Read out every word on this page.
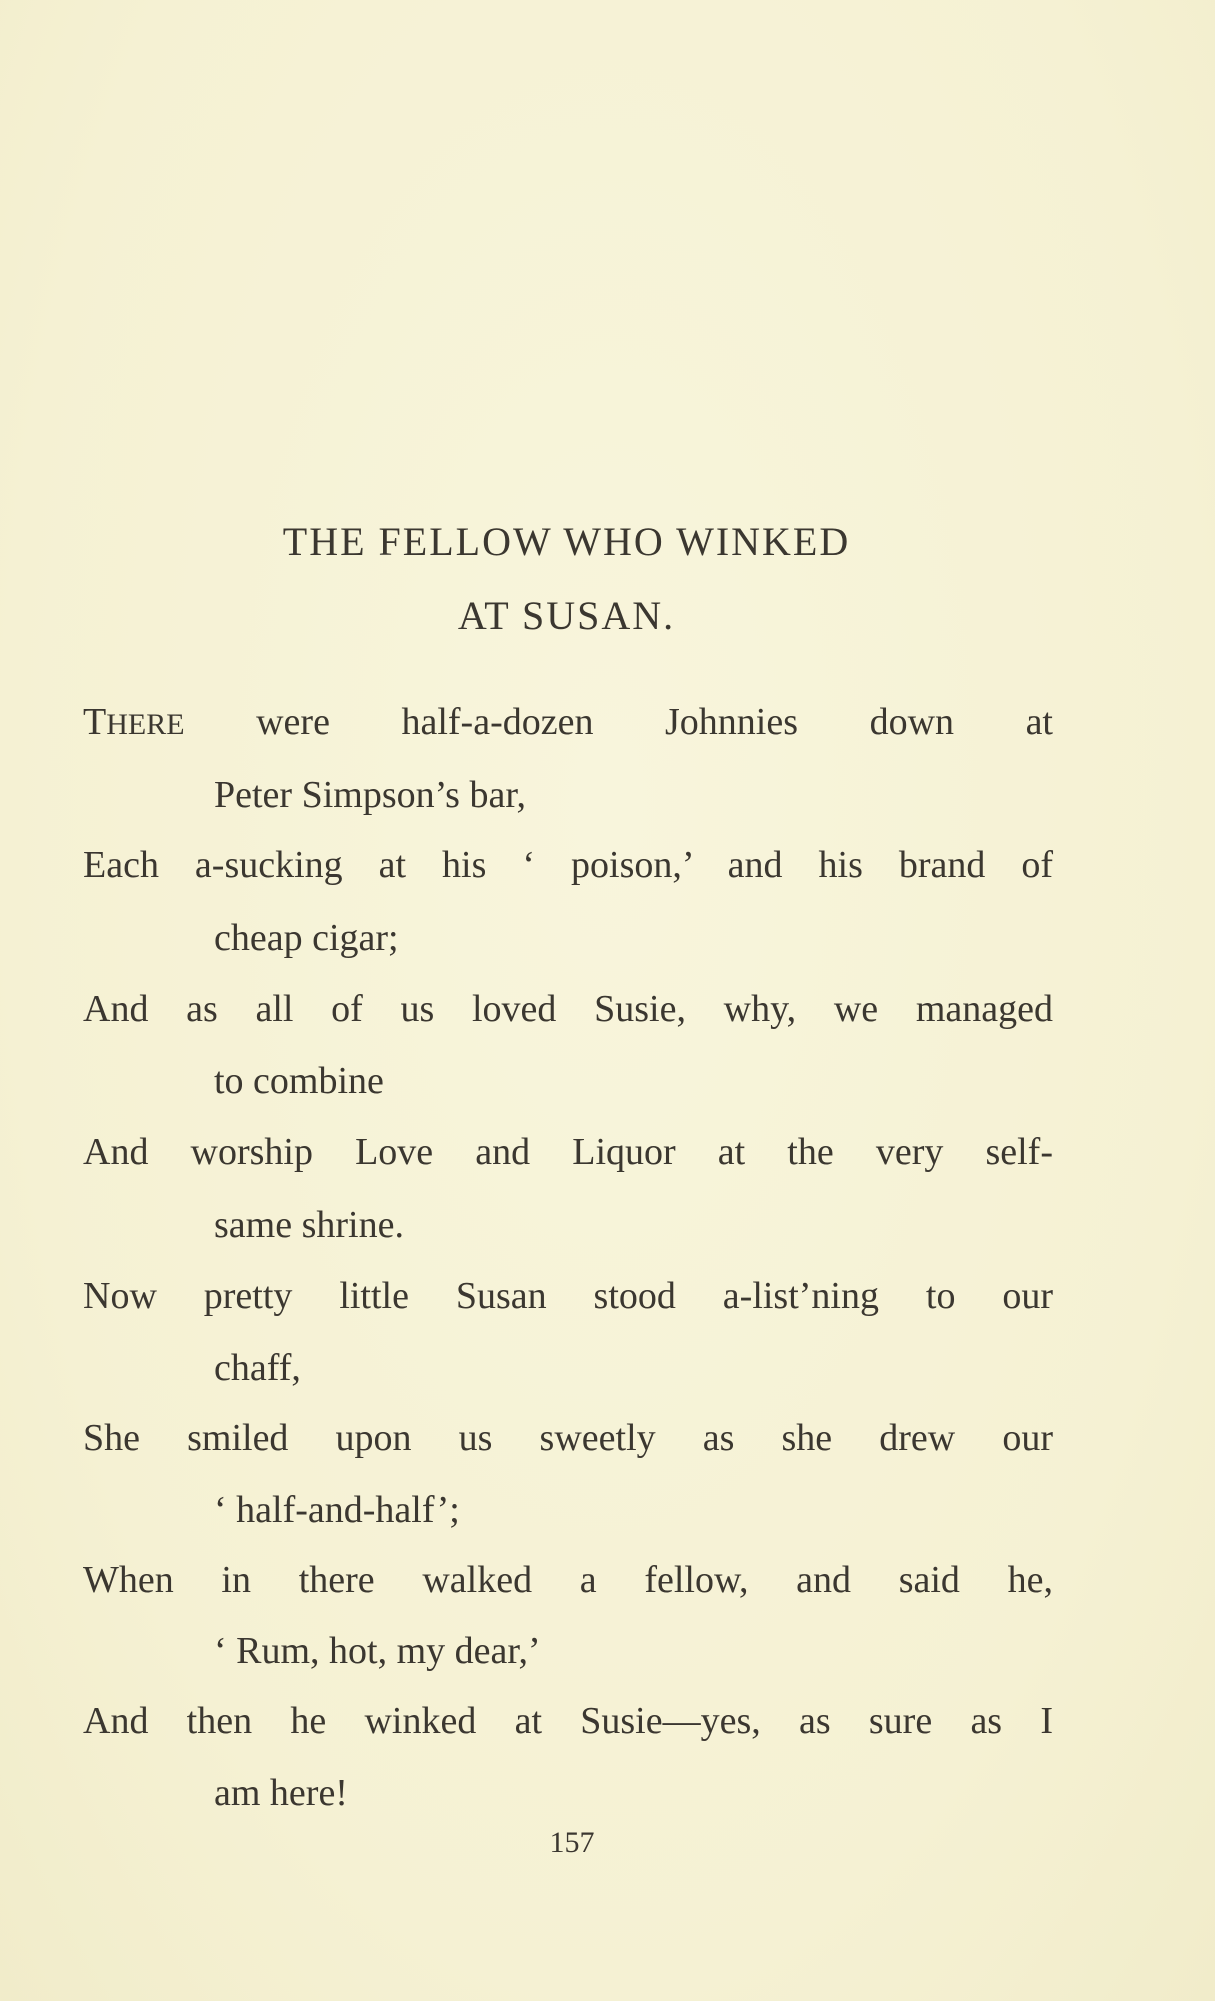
THE FELLOW WHO WINKED
AT SUSAN.
THERE were half-a-dozen Johnnies down at
Peter Simpson’s bar,
Each a-sucking at his ‘ poison,’ and his brand of
cheap cigar;
And as all of us loved Susie, why, we managed
to combine
And worship Love and Liquor at the very self-
same shrine.
Now pretty little Susan stood a-list’ning to our
chaff,
She smiled upon us sweetly as she drew our
‘ half-and-half’;
When in there walked a fellow, and said he,
‘ Rum, hot, my dear,’
And then he winked at Susie—yes, as sure as I
am here!
157
